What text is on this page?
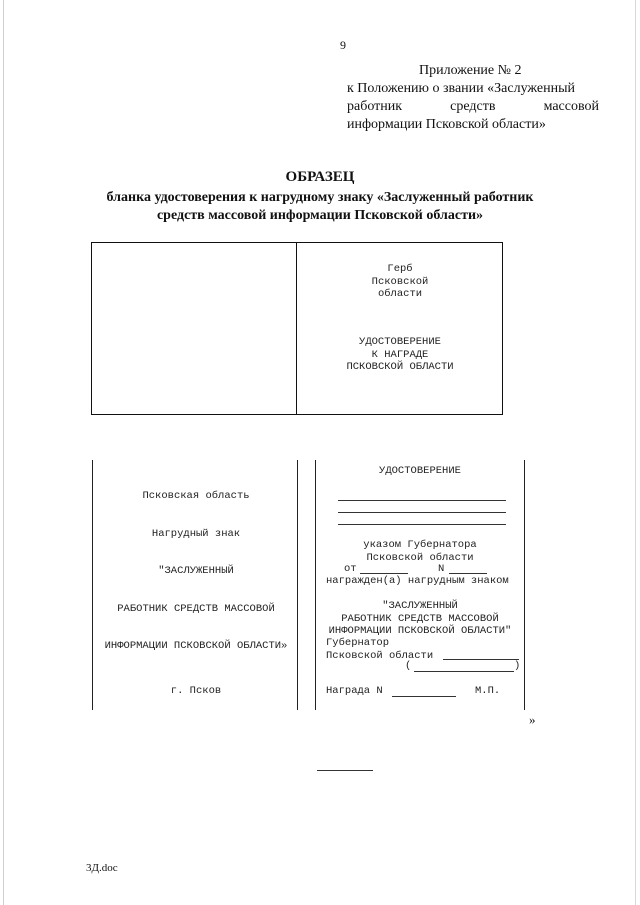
9
Приложение № 2
к Положению о звании «Заслуженный
работник	средств	массовой
информации Псковской области»
ОБРАЗЕЦ
бланка удостоверения к нагрудному знаку «Заслуженный работник
средств массовой информации Псковской области»
Герб
Псковской
области
УДОСТОВЕРЕНИЕ
К НАГРАДЕ
ПСКОВСКОЙ ОБЛАСТИ

Псковская область

Нагрудный знак

"ЗАСЛУЖЕННЫЙ

РАБОТНИК СРЕДСТВ МАССОВОЙ

ИНФОРМАЦИИ ПСКОВСКОЙ ОБЛАСТИ»

г. Псков
УДОСТОВЕРЕНИЕ
указом Губернатора
Псковской области
от	N
награжден(а) нагрудным знаком
"ЗАСЛУЖЕННЫЙ
РАБОТНИК СРЕДСТВ МАССОВОЙ
ИНФОРМАЦИИ ПСКОВСКОЙ ОБЛАСТИ"
Губернатор
Псковской области
(	)
Награда N	М.П.
»
3Д.doc
